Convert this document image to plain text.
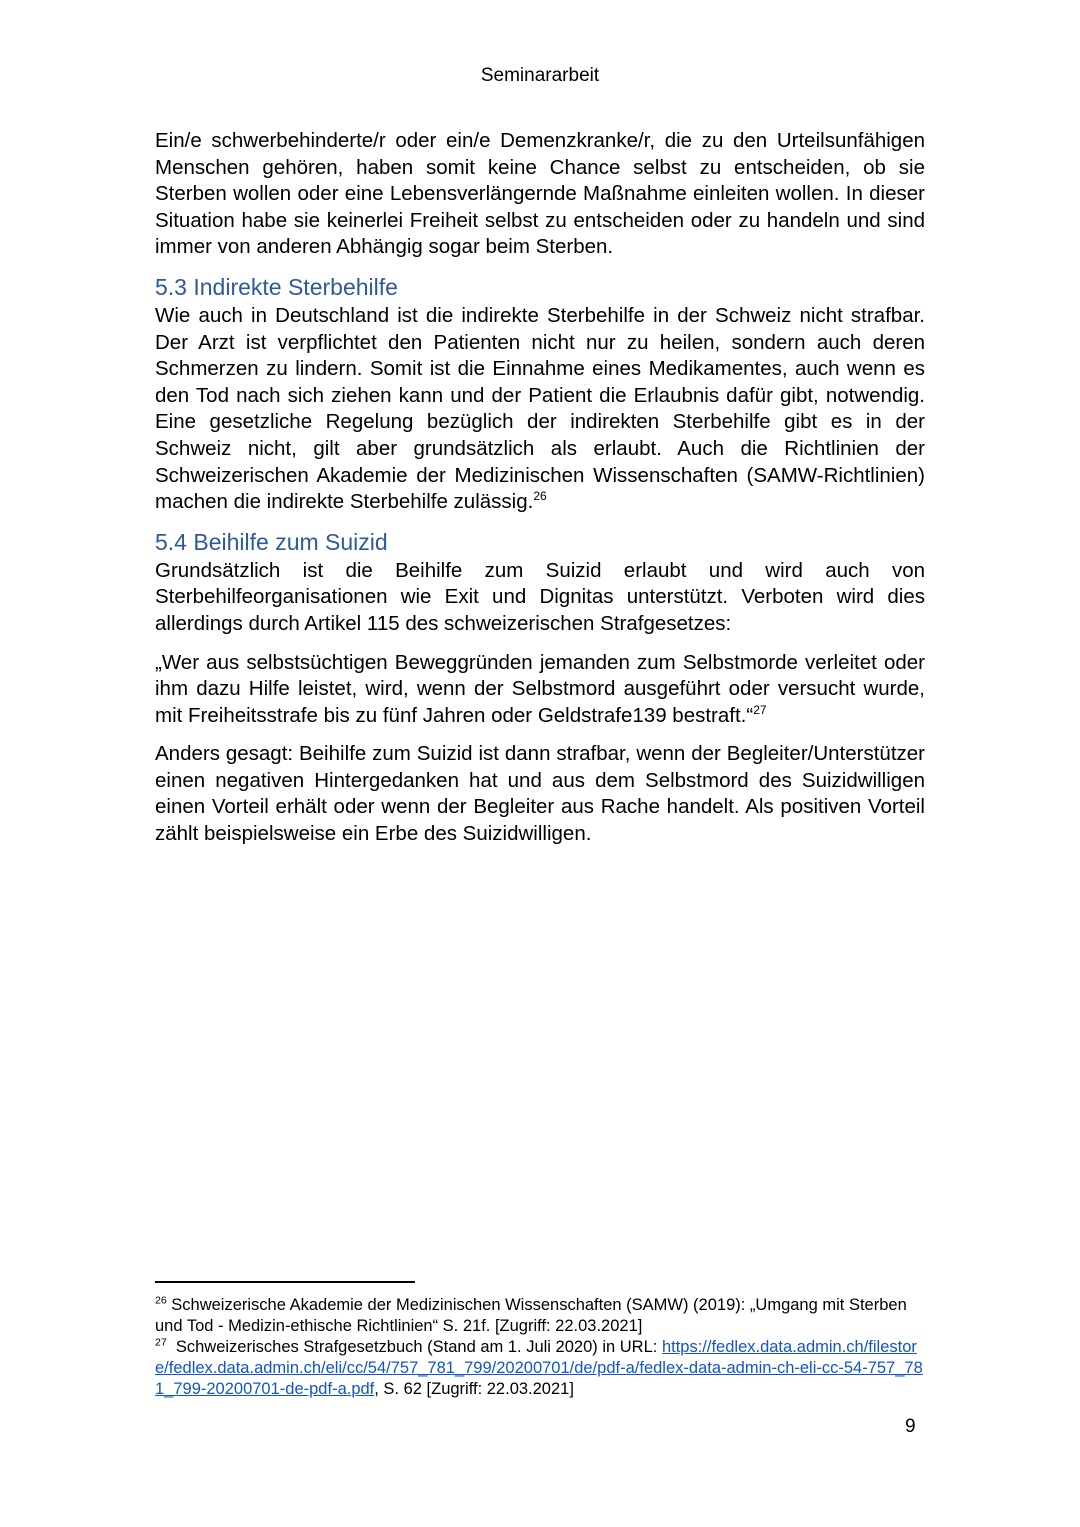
Seminararbeit

Ein/e schwerbehinderte/r oder ein/e Demenzkranke/r, die zu den Urteilsunfähigen Menschen gehören, haben somit keine Chance selbst zu entscheiden, ob sie Sterben wollen oder eine Lebensverlängernde Maßnahme einleiten wollen. In dieser Situation habe sie keinerlei Freiheit selbst zu entscheiden oder zu handeln und sind immer von anderen Abhängig sogar beim Sterben.

5.3 Indirekte Sterbehilfe

Wie auch in Deutschland ist die indirekte Sterbehilfe in der Schweiz nicht strafbar. Der Arzt ist verpflichtet den Patienten nicht nur zu heilen, sondern auch deren Schmerzen zu lindern. Somit ist die Einnahme eines Medikamentes, auch wenn es den Tod nach sich ziehen kann und der Patient die Erlaubnis dafür gibt, notwendig. Eine gesetzliche Regelung bezüglich der indirekten Sterbehilfe gibt es in der Schweiz nicht, gilt aber grundsätzlich als erlaubt. Auch die Richtlinien der Schweizerischen Akademie der Medizinischen Wissenschaften (SAMW-Richtlinien) machen die indirekte Sterbehilfe zulässig.$^{26}$

5.4 Beihilfe zum Suizid

Grundsätzlich ist die Beihilfe zum Suizid erlaubt und wird auch von Sterbehilfeorganisationen wie Exit und Dignitas unterstützt. Verboten wird dies allerdings durch Artikel 115 des schweizerischen Strafgesetzes:

„Wer aus selbstsüchtigen Beweggründen jemanden zum Selbstmorde verleitet oder ihm dazu Hilfe leistet, wird, wenn der Selbstmord ausgeführt oder versucht wurde, mit Freiheitsstrafe bis zu fünf Jahren oder Geldstrafe139 bestraft.“$^{27}$

Anders gesagt: Beihilfe zum Suizid ist dann strafbar, wenn der Begleiter/Unterstützer einen negativen Hintergedanken hat und aus dem Selbstmord des Suizidwilligen einen Vorteil erhält oder wenn der Begleiter aus Rache handelt. Als positiven Vorteil zählt beispielsweise ein Erbe des Suizidwilligen.

$^{26}$ Schweizerische Akademie der Medizinischen Wissenschaften (SAMW) (2019): „Umgang mit Sterben und Tod - Medizin-ethische Richtlinien“ S. 21f. [Zugriff: 22.03.2021]

$^{27}$ Schweizerisches Strafgesetzbuch (Stand am 1. Juli 2020) in URL: https://fedlex.data.admin.ch/filestore/fedlex.data.admin.ch/eli/cc/54/757_781_799/20200701/de/pdf-a/fedlex-data-admin-ch-eli-cc-54-757_781_799-20200701-de-pdf-a.pdf, S. 62 [Zugriff: 22.03.2021]

9
